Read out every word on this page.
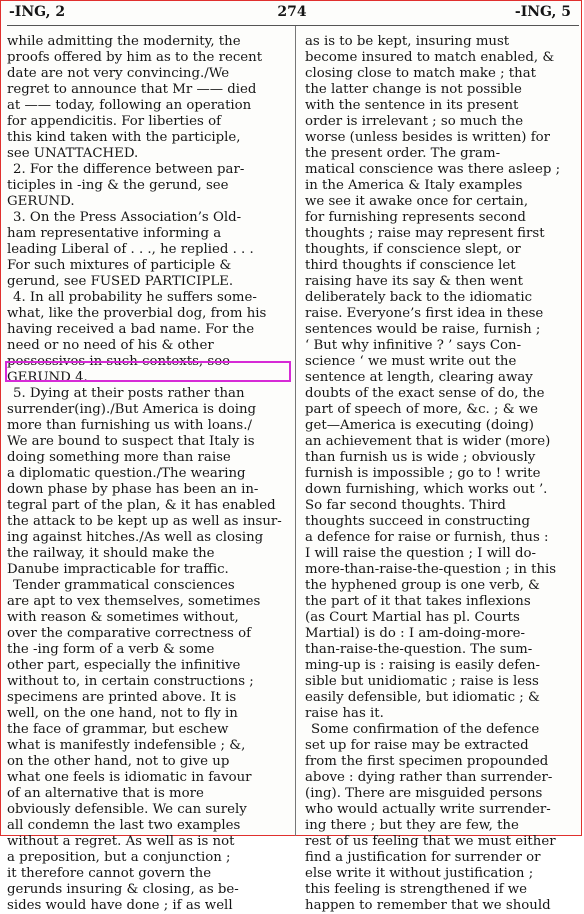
-ING, 2	274	-ING, 5
while admitting the modernity, the
proofs offered by him as to the recent
date are not very convincing./We
regret to announce that Mr —— died
at —— today, following an operation
for appendicitis. For liberties of
this kind taken with the participle,
see UNATTACHED.
2. For the difference between par-
ticiples in -ing & the gerund, see
GERUND.
3. On the Press Association’s Old-
ham representative informing a
leading Liberal of . . ., he replied . . .
For such mixtures of participle &
gerund, see FUSED PARTICIPLE.
4. In all probability he suffers some-
what, like the proverbial dog, from his
having received a bad name. For the
need or no need of his & other
possessives in such contexts, see
GERUND 4.
5. Dying at their posts rather than
surrender(ing)./But America is doing
more than furnishing us with loans./
We are bound to suspect that Italy is
doing something more than raise
a diplomatic question./The wearing
down phase by phase has been an in-
tegral part of the plan, & it has enabled
the attack to be kept up as well as insur-
ing against hitches./As well as closing
the railway, it should make the
Danube impracticable for traffic.
Tender grammatical consciences
are apt to vex themselves, sometimes
with reason & sometimes without,
over the comparative correctness of
the -ing form of a verb & some
other part, especially the infinitive
without to, in certain constructions ;
specimens are printed above. It is
well, on the one hand, not to fly in
the face of grammar, but eschew
what is manifestly indefensible ; &,
on the other hand, not to give up
what one feels is idiomatic in favour
of an alternative that is more
obviously defensible. We can surely
all condemn the last two examples
without a regret. As well as is not
a preposition, but a conjunction ;
it therefore cannot govern the
gerunds insuring & closing, as be-
sides would have done ; if as well
as is to be kept, insuring must
become insured to match enabled, &
closing close to match make ; that
the latter change is not possible
with the sentence in its present
order is irrelevant ; so much the
worse (unless besides is written) for
the present order. The gram-
matical conscience was there asleep ;
in the America & Italy examples
we see it awake once for certain,
for furnishing represents second
thoughts ; raise may represent first
thoughts, if conscience slept, or
third thoughts if conscience let
raising have its say & then went
deliberately back to the idiomatic
raise. Everyone’s first idea in these
sentences would be raise, furnish ;
‘ But why infinitive ? ’ says Con-
science ‘ we must write out the
sentence at length, clearing away
doubts of the exact sense of do, the
part of speech of more, &c. ; & we
get—America is executing (doing)
an achievement that is wider (more)
than furnish us is wide ; obviously
furnish is impossible ; go to ! write
down furnishing, which works out ’.
So far second thoughts. Third
thoughts succeed in constructing
a defence for raise or furnish, thus :
I will raise the question ; I will do-
more-than-raise-the-question ; in this
the hyphened group is one verb, &
the part of it that takes inflexions
(as Court Martial has pl. Courts
Martial) is do : I am-doing-more-
than-raise-the-question. The sum-
ming-up is : raising is easily defen-
sible but unidiomatic ; raise is less
easily defensible, but idiomatic ; &
raise has it.
Some confirmation of the defence
set up for raise may be extracted
from the first specimen propounded
above : dying rather than surrender-
(ing). There are misguided persons
who would actually write surrender-
ing there ; but they are few, the
rest of us feeling that we must either
find a justification for surrender or
else write it without justification ;
this feeling is strengthened if we
happen to remember that we should
